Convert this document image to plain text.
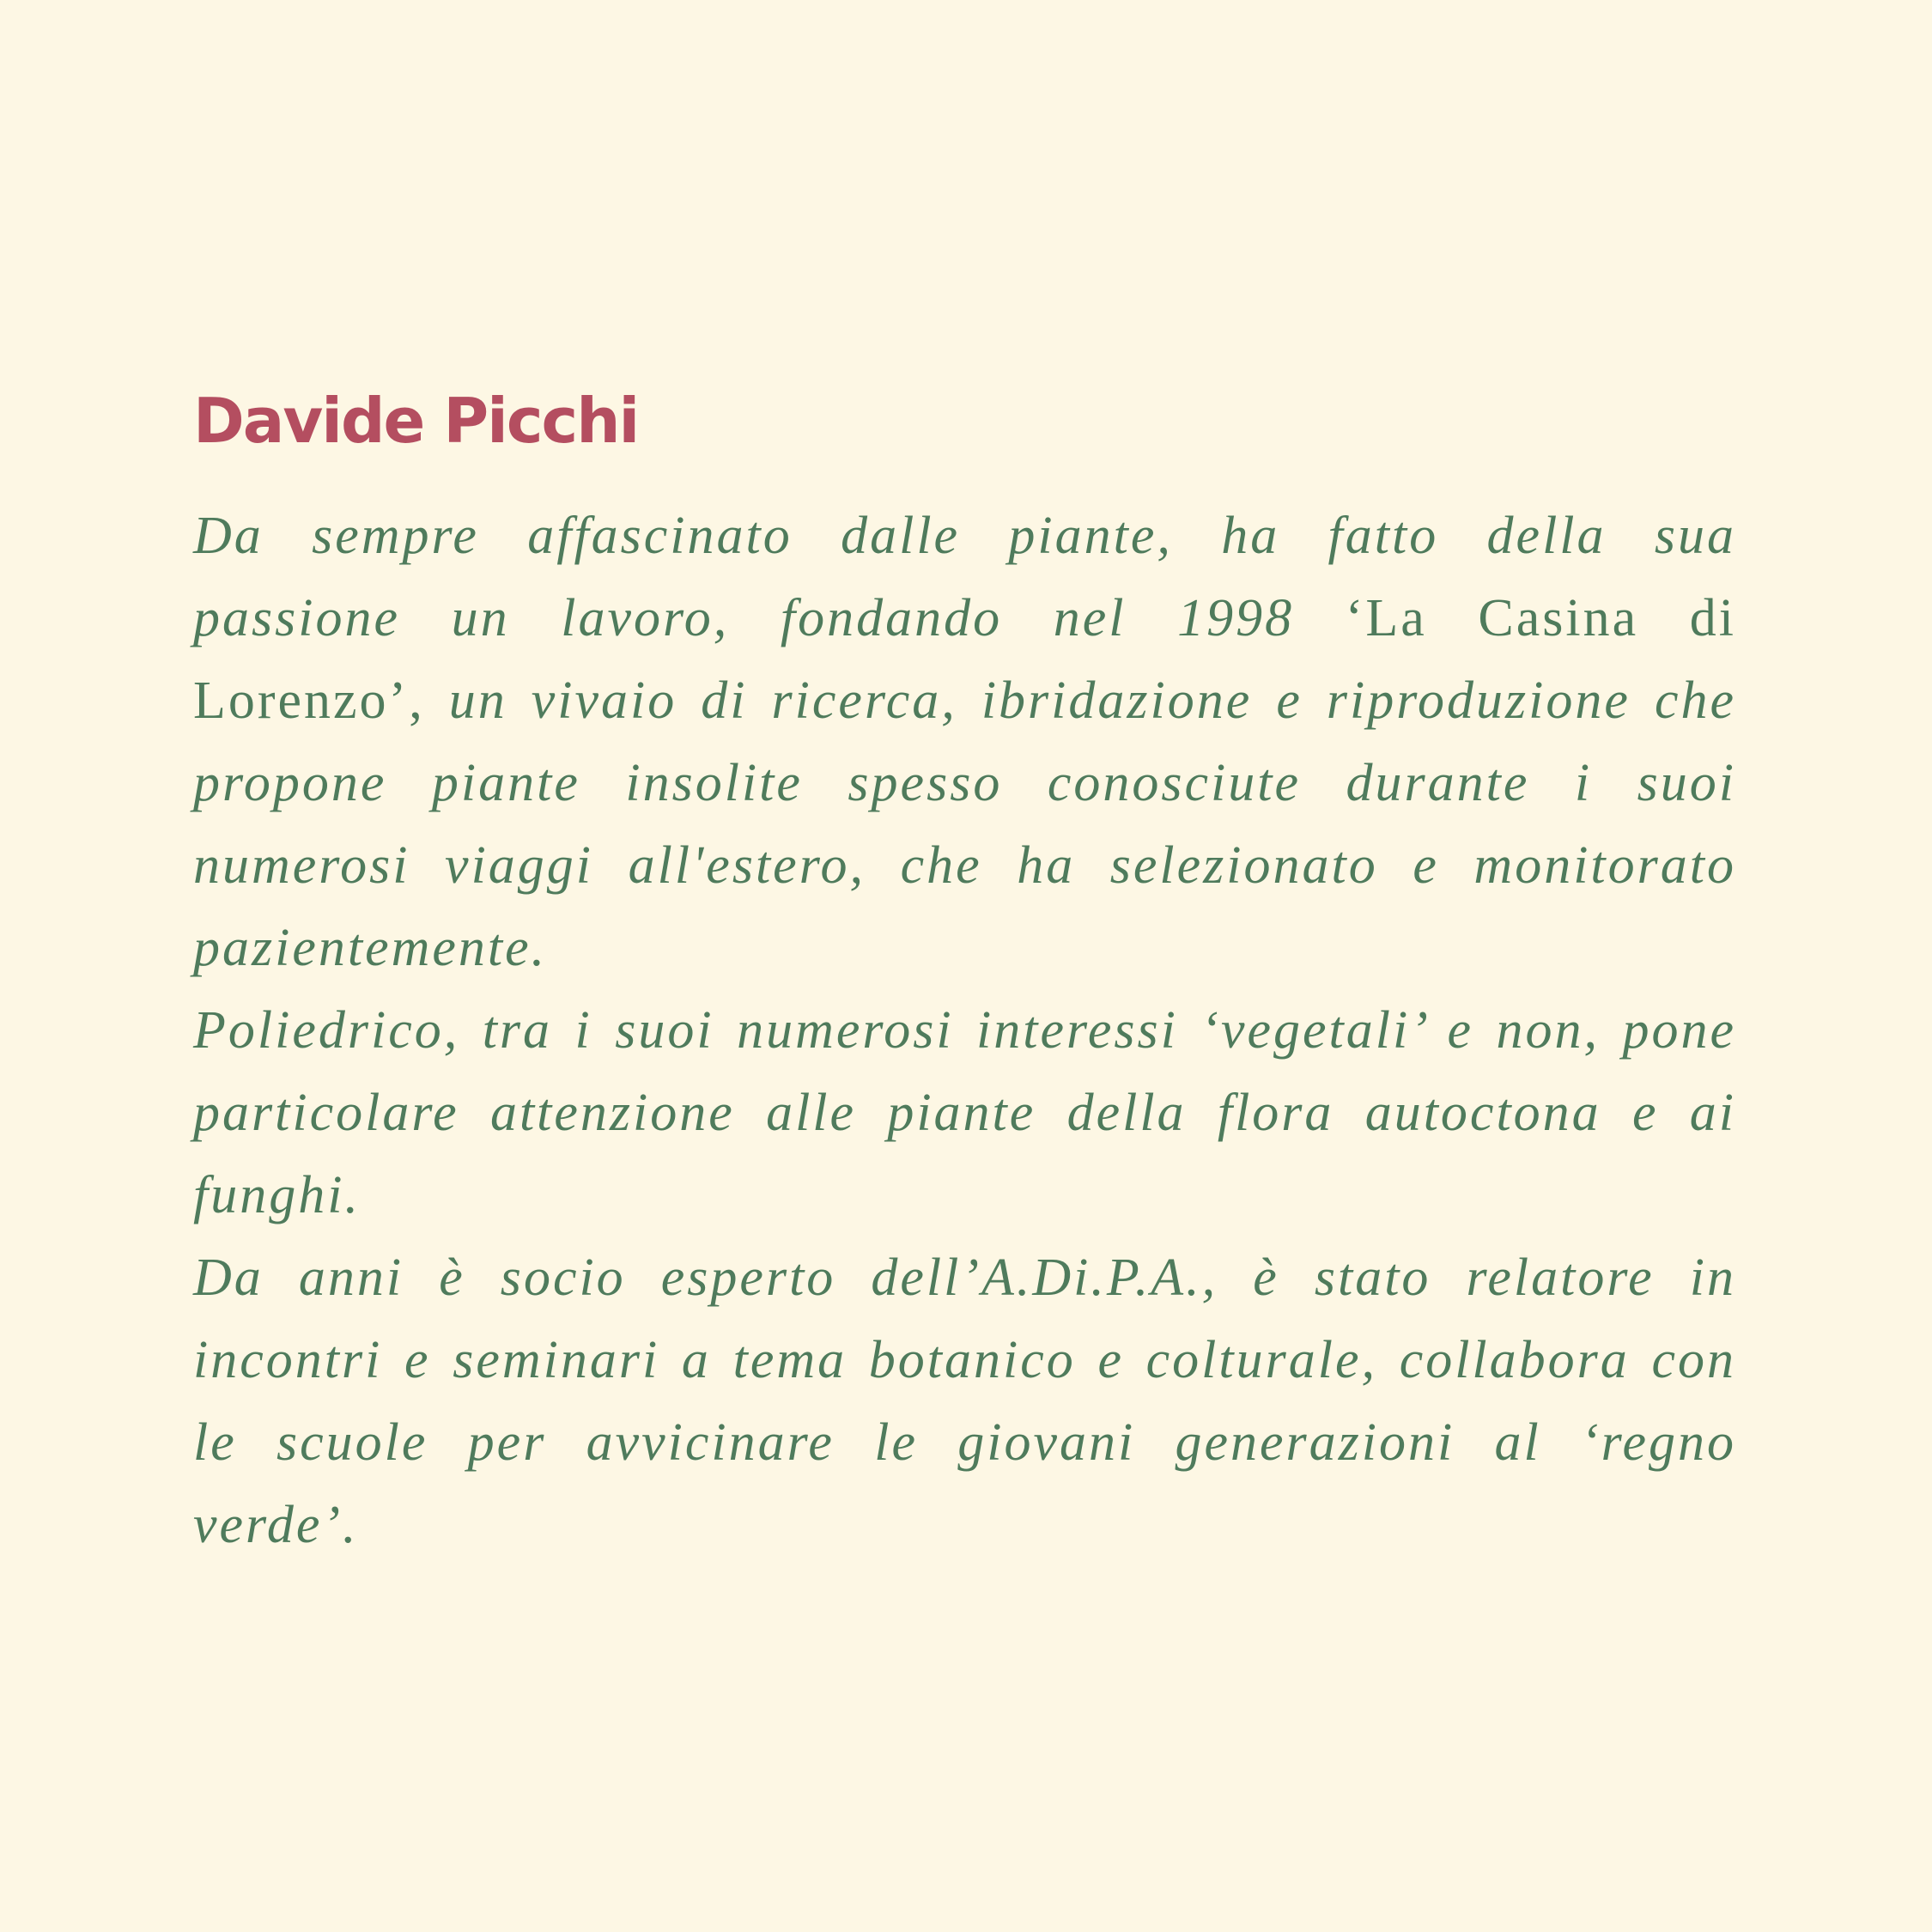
Davide Picchi

Da sempre affascinato dalle piante, ha fatto della sua passione un lavoro, fondando nel 1998 ‘La Casina di Lorenzo’, un vivaio di ricerca, ibridazione e riproduzione che propone piante insolite spesso conosciute durante i suoi numerosi viaggi all'estero, che ha selezionato e monitorato pazientemente.

Poliedrico, tra i suoi numerosi interessi ‘vegetali’ e non, pone particolare attenzione alle piante della flora autoctona e ai funghi.

Da anni è socio esperto dell’A.Di.P.A., è stato relatore in incontri e seminari a tema botanico e colturale, collabora con le scuole per avvicinare le giovani generazioni al ‘regno verde’.
